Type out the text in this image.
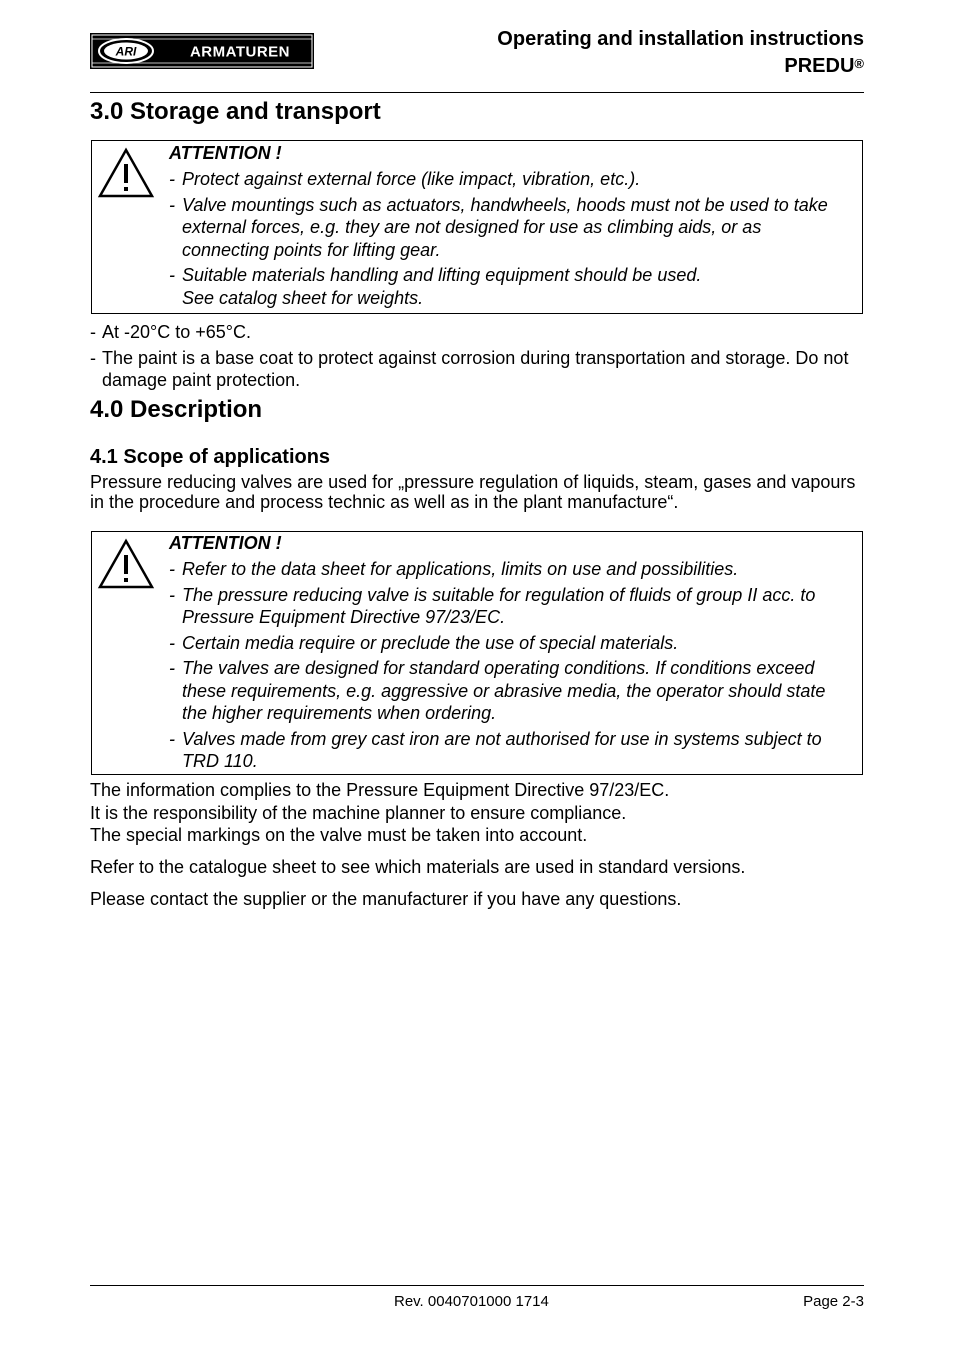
ARI	ARMATUREN
Operating and installation instructions
PREDU®
3.0 Storage and transport
ATTENTION !
- Protect against external force (like impact, vibration, etc.).
- Valve mountings such as actuators, handwheels, hoods must not be used to take external forces, e.g. they are not designed for use as climbing aids, or as connecting points for lifting gear.
- Suitable materials handling and lifting equipment should be used.
See catalog sheet for weights.
- At -20°C to +65°C.
- The paint is a base coat to protect against corrosion during transportation and storage. Do not damage paint protection.
4.0 Description
4.1 Scope of applications
Pressure reducing valves are used for „pressure regulation of liquids, steam, gases and vapours in the procedure and process technic as well as in the plant manufacture“.
ATTENTION !
- Refer to the data sheet for applications, limits on use and possibilities.
- The pressure reducing valve is suitable for regulation of fluids of group II acc. to Pressure Equipment Directive 97/23/EC.
- Certain media require or preclude the use of special materials.
- The valves are designed for standard operating conditions. If conditions exceed these requirements, e.g. aggressive or abrasive media, the operator should state the higher requirements when ordering.
- Valves made from grey cast iron are not authorised for use in systems subject to TRD 110.
The information complies to the Pressure Equipment Directive 97/23/EC.
It is the responsibility of the machine planner to ensure compliance.
The special markings on the valve must be taken into account.
Refer to the catalogue sheet to see which materials are used in standard versions.
Please contact the supplier or the manufacturer if you have any questions.
Rev. 0040701000 1714	Page 2-3
